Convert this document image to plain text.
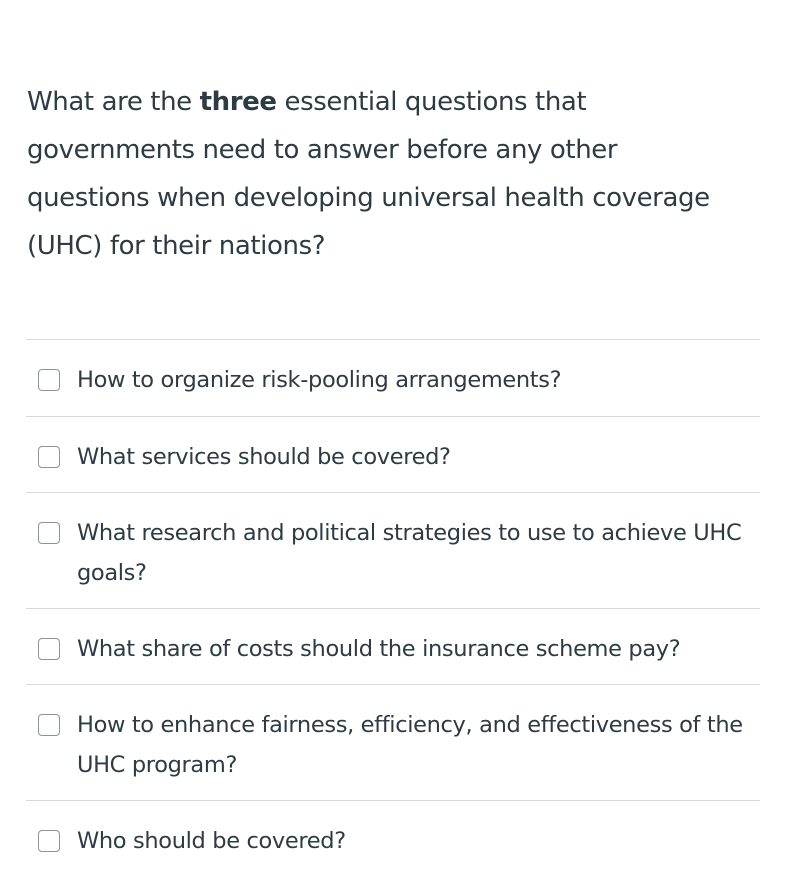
What are the three essential questions that governments need to answer before any other questions when developing universal health coverage (UHC) for their nations?
How to organize risk-pooling arrangements?
What services should be covered?
What research and political strategies to use to achieve UHC goals?
What share of costs should the insurance scheme pay?
How to enhance fairness, efficiency, and effectiveness of the UHC program?
Who should be covered?
